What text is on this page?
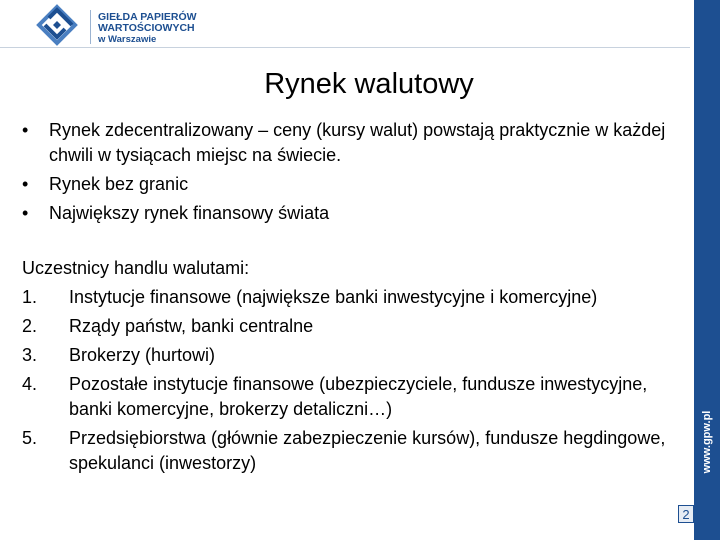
GIEŁDA PAPIERÓW
WARTOŚCIOWYCH
w Warszawie
www.gpw.pl
2
Rynek walutowy
• Rynek zdecentralizowany – ceny (kursy walut) powstają praktycznie w każdej chwili w tysiącach miejsc na świecie.
• Rynek bez granic
• Największy rynek finansowy świata
Uczestnicy handlu walutami:
1. Instytucje finansowe (największe banki inwestycyjne i komercyjne)
2. Rządy państw, banki centralne
3. Brokerzy (hurtowi)
4. Pozostałe instytucje finansowe (ubezpieczyciele, fundusze inwestycyjne, banki komercyjne, brokerzy detaliczni…)
5. Przedsiębiorstwa (głównie zabezpieczenie kursów), fundusze hegdingowe, spekulanci (inwestorzy)
